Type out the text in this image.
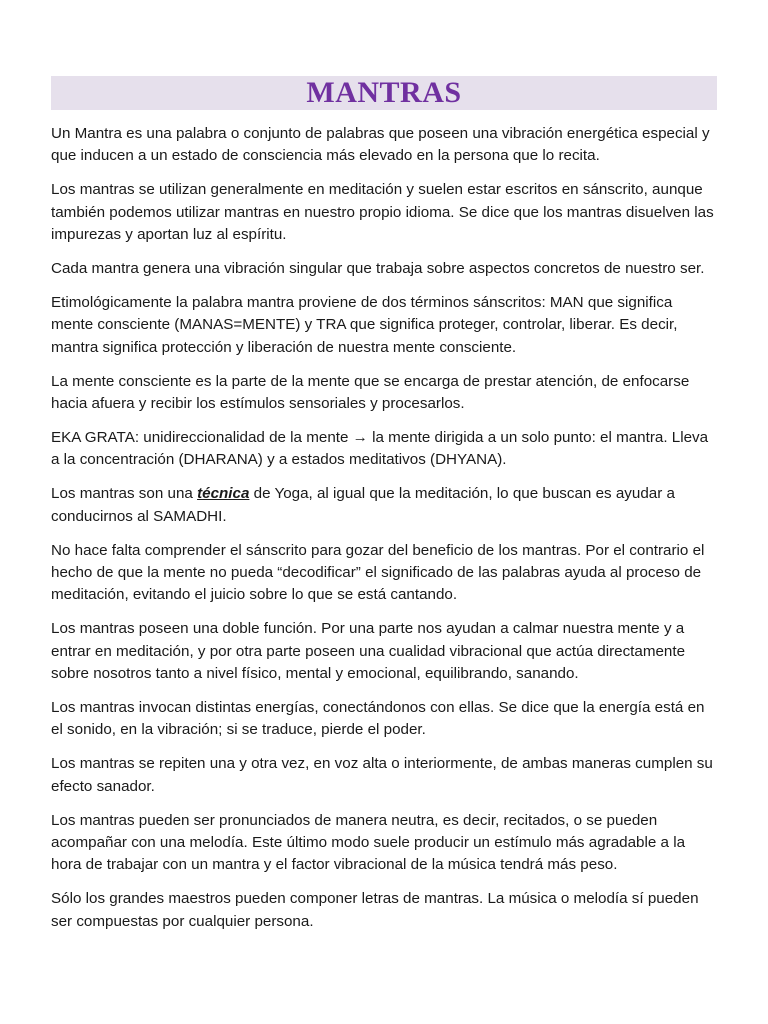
MANTRAS

Un Mantra es una palabra o conjunto de palabras que poseen una vibración energética especial y que inducen a un estado de consciencia más elevado en la persona que lo recita.

Los mantras se utilizan generalmente en meditación y suelen estar escritos en sánscrito, aunque también podemos utilizar mantras en nuestro propio idioma. Se dice que los mantras disuelven las impurezas y aportan luz al espíritu.

Cada mantra genera una vibración singular que trabaja sobre aspectos concretos de nuestro ser.

Etimológicamente la palabra mantra proviene de dos términos sánscritos: MAN que significa mente consciente (MANAS=MENTE) y TRA que significa proteger, controlar, liberar. Es decir, mantra significa protección y liberación de nuestra mente consciente.

La mente consciente es la parte de la mente que se encarga de prestar atención, de enfocarse hacia afuera y recibir los estímulos sensoriales y procesarlos.

EKA GRATA: unidireccionalidad de la mente → la mente dirigida a un solo punto: el mantra. Lleva a la concentración (DHARANA) y a estados meditativos (DHYANA).

Los mantras son una técnica de Yoga, al igual que la meditación, lo que buscan es ayudar a conducirnos al SAMADHI.

No hace falta comprender el sánscrito para gozar del beneficio de los mantras. Por el contrario el hecho de que la mente no pueda “decodificar” el significado de las palabras ayuda al proceso de meditación, evitando el juicio sobre lo que se está cantando.

Los mantras poseen una doble función. Por una parte nos ayudan a calmar nuestra mente y a entrar en meditación, y por otra parte poseen una cualidad vibracional que actúa directamente sobre nosotros tanto a nivel físico, mental y emocional, equilibrando, sanando.

Los mantras invocan distintas energías, conectándonos con ellas. Se dice que la energía está en el sonido, en la vibración; si se traduce, pierde el poder.

Los mantras se repiten una y otra vez, en voz alta o interiormente, de ambas maneras cumplen su efecto sanador.

Los mantras pueden ser pronunciados de manera neutra, es decir, recitados, o se pueden acompañar con una melodía. Este último modo suele producir un estímulo más agradable a la hora de trabajar con un mantra y el factor vibracional de la música tendrá más peso.

Sólo los grandes maestros pueden componer letras de mantras. La música o melodía sí pueden ser compuestas por cualquier persona.
